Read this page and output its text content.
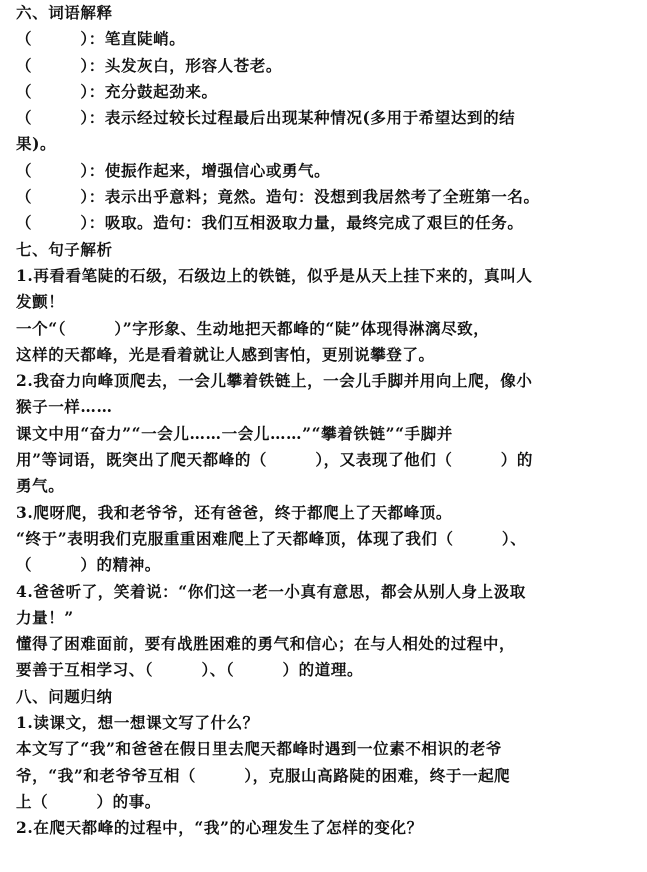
六、词语解释
（　　　）：笔直陡峭。
（　　　）：头发灰白，形容人苍老。
（　　　）：充分鼓起劲来。
（　　　）：表示经过较长过程最后出现某种情况(多用于希望达到的结
果)。
（　　　）：使振作起来，增强信心或勇气。
（　　　）：表示出乎意料；竟然。造句：没想到我居然考了全班第一名。
（　　　）：吸取。造句：我们互相汲取力量，最终完成了艰巨的任务。
七、句子解析
1.再看看笔陡的石级，石级边上的铁链，似乎是从天上挂下来的，真叫人
发颤！
一个“（　　　）”字形象、生动地把天都峰的“陡”体现得淋漓尽致，
这样的天都峰，光是看着就让人感到害怕，更别说攀登了。
2.我奋力向峰顶爬去，一会儿攀着铁链上，一会儿手脚并用向上爬，像小
猴子一样……
课文中用“奋力”“一会儿……一会儿……”“攀着铁链”“手脚并
用”等词语，既突出了爬天都峰的（　　　），又表现了他们（　　　）的
勇气。
3.爬呀爬，我和老爷爷，还有爸爸，终于都爬上了天都峰顶。
“终于”表明我们克服重重困难爬上了天都峰顶，体现了我们（　　　）、
（　　　）的精神。
4.爸爸听了，笑着说：“你们这一老一小真有意思，都会从别人身上汲取
力量！”
懂得了困难面前，要有战胜困难的勇气和信心；在与人相处的过程中，
要善于互相学习、（　　　）、（　　　）的道理。
八、问题归纳
1.读课文，想一想课文写了什么？
本文写了“我”和爸爸在假日里去爬天都峰时遇到一位素不相识的老爷
爷，“我”和老爷爷互相（　　　），克服山高路陡的困难，终于一起爬
上（　　　）的事。
2.在爬天都峰的过程中，“我”的心理发生了怎样的变化？
